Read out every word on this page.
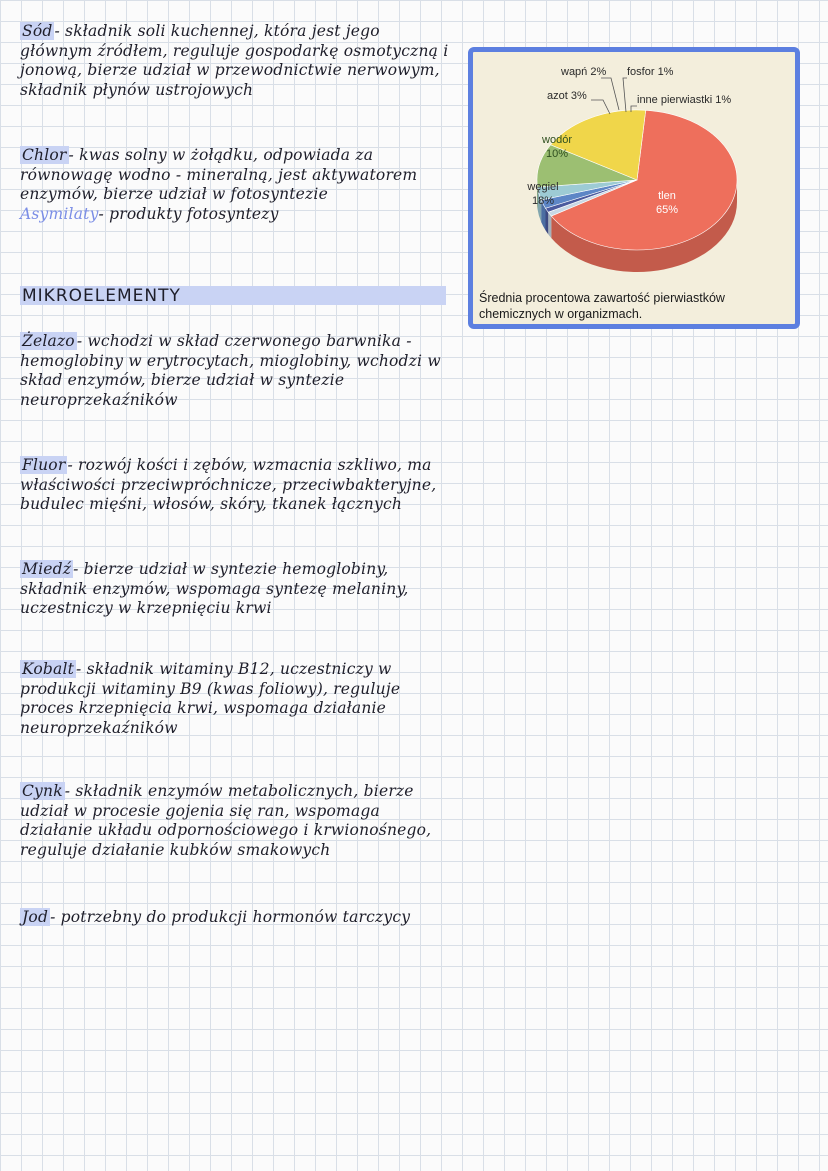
Sód - składnik soli kuchennej, która jest jego głównym źródłem, reguluje gospodarkę osmotyczną i jonową, bierze udział w przewodnictwie nerwowym, składnik płynów ustrojowych
Chlor - kwas solny w żołądku, odpowiada za równowagę wodno - mineralną, jest aktywatorem enzymów, bierze udział w fotosyntezie
Asymilaty- produkty fotosyntezy
MIKROELEMENTY
Żelazo - wchodzi w skład czerwonego barwnika - hemoglobiny w erytrocytach, mioglobiny, wchodzi w skład enzymów, bierze udział w syntezie neuroprzekaźników
Fluor - rozwój kości i zębów, wzmacnia szkliwo, ma właściwości przeciwpróchnicze, przeciwbakteryjne, budulec mięśni, włosów, skóry, tkanek łącznych
Miedź - bierze udział w syntezie hemoglobiny, składnik enzymów, wspomaga syntezę melaniny, uczestniczy w krzepnięciu krwi
Kobalt - składnik witaminy B12, uczestniczy w produkcji witaminy B9 (kwas foliowy), reguluje proces krzepnięcia krwi, wspomaga działanie neuroprzekaźników
Cynk - składnik enzymów metabolicznych, bierze udział w procesie gojenia się ran, wspomaga działanie układu odpornościowego i krwionośnego, reguluje działanie kubków smakowych
Jod - potrzebny do produkcji hormonów tarczycy
wodór
10%
węgiel
18%	tlen
65%
wapń 2% fosfor 1%
azot 3%	inne pierwiastki 1%
Średnia procentowa zawartość pierwiastków chemicznych w organizmach.
